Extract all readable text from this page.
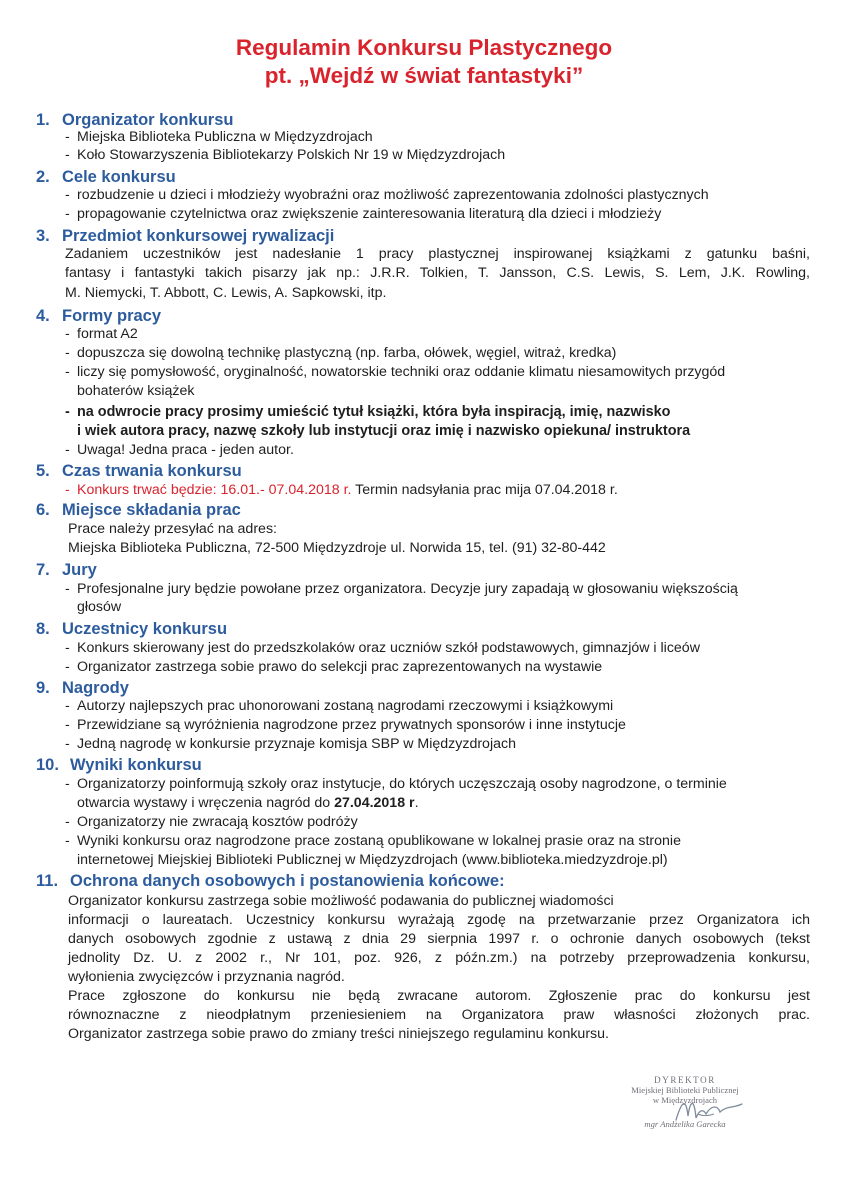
Regulamin Konkursu Plastycznego
pt. „Wejdź w świat fantastyki”
1. Organizator konkursu
- Miejska Biblioteka Publiczna w Międzyzdrojach
- Koło Stowarzyszenia Bibliotekarzy Polskich Nr 19 w Międzyzdrojach
2. Cele konkursu
- rozbudzenie u dzieci i młodzieży wyobraźni oraz możliwość zaprezentowania zdolności plastycznych
- propagowanie czytelnictwa oraz zwiększenie zainteresowania literaturą dla dzieci i młodzieży
3. Przedmiot konkursowej rywalizacji
Zadaniem uczestników jest nadesłanie 1 pracy plastycznej inspirowanej książkami z gatunku baśni,
fantasy i fantastyki takich pisarzy jak np.: J.R.R. Tolkien, T. Jansson, C.S. Lewis, S. Lem, J.K. Rowling,
M. Niemycki, T. Abbott, C. Lewis, A. Sapkowski, itp.
4. Formy pracy
- format A2
- dopuszcza się dowolną technikę plastyczną (np. farba, ołówek, węgiel, witraż, kredka)
- liczy się pomysłowość, oryginalność, nowatorskie techniki oraz oddanie klimatu niesamowitych przygód
bohaterów książek
- na odwrocie pracy prosimy umieścić tytuł książki, która była inspiracją, imię, nazwisko
i wiek autora pracy, nazwę szkoły lub instytucji oraz imię i nazwisko opiekuna/ instruktora
- Uwaga! Jedna praca - jeden autor.
5. Czas trwania konkursu
- Konkurs trwać będzie: 16.01.- 07.04.2018 r. Termin nadsyłania prac mija 07.04.2018 r.
6. Miejsce składania prac
Prace należy przesyłać na adres:
Miejska Biblioteka Publiczna, 72-500 Międzyzdroje ul. Norwida 15, tel. (91) 32-80-442
7. Jury
- Profesjonalne jury będzie powołane przez organizatora. Decyzje jury zapadają w głosowaniu większością
głosów
8. Uczestnicy konkursu
- Konkurs skierowany jest do przedszkolaków oraz uczniów szkół podstawowych, gimnazjów i liceów
- Organizator zastrzega sobie prawo do selekcji prac zaprezentowanych na wystawie
9. Nagrody
- Autorzy najlepszych prac uhonorowani zostaną nagrodami rzeczowymi i książkowymi
- Przewidziane są wyróżnienia nagrodzone przez prywatnych sponsorów i inne instytucje
- Jedną nagrodę w konkursie przyznaje komisja SBP w Międzyzdrojach
10. Wyniki konkursu
- Organizatorzy poinformują szkoły oraz instytucje, do których uczęszczają osoby nagrodzone, o terminie
otwarcia wystawy i wręczenia nagród do 27.04.2018 r.
- Organizatorzy nie zwracają kosztów podróży
- Wyniki konkursu oraz nagrodzone prace zostaną opublikowane w lokalnej prasie oraz na stronie
internetowej Miejskiej Biblioteki Publicznej w Międzyzdrojach (www.biblioteka.miedzyzdroje.pl)
11. Ochrona danych osobowych i postanowienia końcowe:
Organizator konkursu zastrzega sobie możliwość podawania do publicznej wiadomości
informacji o laureatach. Uczestnicy konkursu wyrażają zgodę na przetwarzanie przez Organizatora ich
danych osobowych zgodnie z ustawą z dnia 29 sierpnia 1997 r. o ochronie danych osobowych (tekst
jednolity Dz. U. z 2002 r., Nr 101, poz. 926, z późn.zm.) na potrzeby przeprowadzenia konkursu,
wyłonienia zwycięzców i przyznania nagród.
Prace zgłoszone do konkursu nie będą zwracane autorom. Zgłoszenie prac do konkursu jest
równoznaczne z nieodpłatnym przeniesieniem na Organizatora praw własności złożonych prac.
Organizator zastrzega sobie prawo do zmiany treści niniejszego regulaminu konkursu.
DYREKTOR
Miejskiej Biblioteki Publicznej
w Międzyzdrojach
mgr Andżelika Garecka
